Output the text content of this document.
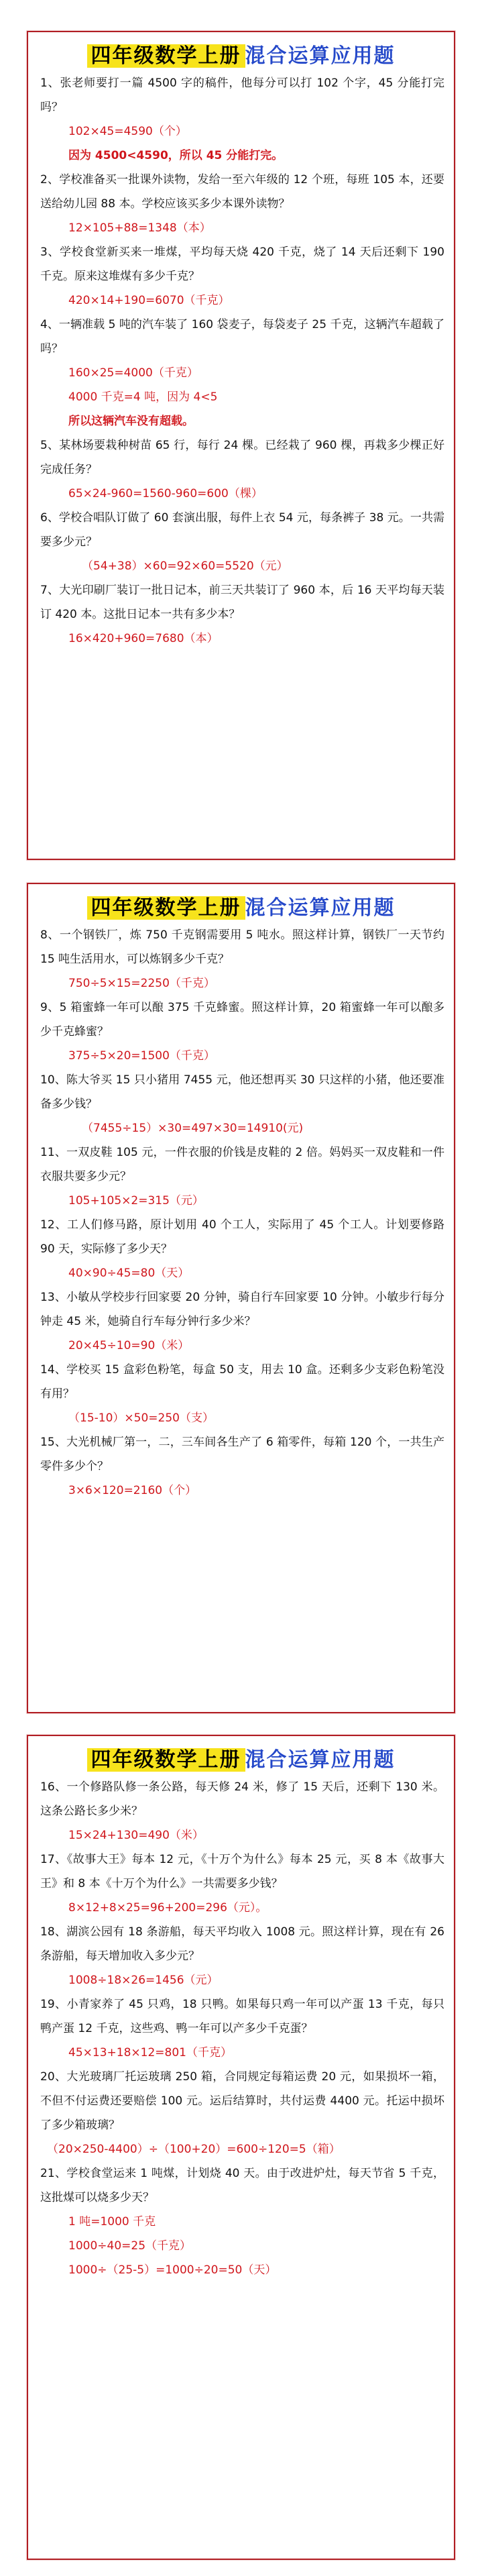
四年级数学上册 混合运算应用题
1、张老师要打一篇 4500 字的稿件，他每分可以打 102 个字，45 分能打完吗？
102×45=4590（个）
因为 4500<4590，所以 45 分能打完。
2、学校准备买一批课外读物，发给一至六年级的 12 个班，每班 105 本，还要送给幼儿园 88 本。学校应该买多少本课外读物？
12×105+88=1348（本）
3、学校食堂新买来一堆煤，平均每天烧 420 千克，烧了 14 天后还剩下 190 千克。原来这堆煤有多少千克？
420×14+190=6070（千克）
4、一辆准载 5 吨的汽车装了 160 袋麦子，每袋麦子 25 千克，这辆汽车超载了吗？
160×25=4000（千克）
4000 千克=4 吨，因为 4<5
所以这辆汽车没有超载。
5、某林场要栽种树苗 65 行，每行 24 棵。已经栽了 960 棵，再栽多少棵正好完成任务？
65×24-960=1560-960=600（棵）
6、学校合唱队订做了 60 套演出服，每件上衣 54 元，每条裤子 38 元。一共需要多少元？
（54+38）×60=92×60=5520（元）
7、大光印刷厂装订一批日记本，前三天共装订了 960 本，后 16 天平均每天装订 420 本。这批日记本一共有多少本？
16×420+960=7680（本）
四年级数学上册 混合运算应用题
8、一个钢铁厂，炼 750 千克钢需要用 5 吨水。照这样计算，钢铁厂一天节约 15 吨生活用水，可以炼钢多少千克？
750÷5×15=2250（千克）
9、5 箱蜜蜂一年可以酿 375 千克蜂蜜。照这样计算，20 箱蜜蜂一年可以酿多少千克蜂蜜？
375÷5×20=1500（千克）
10、陈大爷买 15 只小猪用 7455 元，他还想再买 30 只这样的小猪，他还要准备多少钱？
（7455÷15）×30=497×30=14910(元)
11、一双皮鞋 105 元，一件衣服的价钱是皮鞋的 2 倍。妈妈买一双皮鞋和一件衣服共要多少元？
105+105×2=315（元）
12、工人们修马路，原计划用 40 个工人，实际用了 45 个工人。计划要修路 90 天，实际修了多少天？
40×90÷45=80（天）
13、小敏从学校步行回家要 20 分钟，骑自行车回家要 10 分钟。小敏步行每分钟走 45 米，她骑自行车每分钟行多少米？
20×45÷10=90（米）
14、学校买 15 盒彩色粉笔，每盒 50 支，用去 10 盒。还剩多少支彩色粉笔没有用？
（15-10）×50=250（支）
15、大光机械厂第一，二，三车间各生产了 6 箱零件，每箱 120 个，一共生产零件多少个？
3×6×120=2160（个）
四年级数学上册 混合运算应用题
16、一个修路队修一条公路，每天修 24 米，修了 15 天后，还剩下 130 米。这条公路长多少米？
15×24+130=490（米）
17、《故事大王》每本 12 元，《十万个为什么》每本 25 元，买 8 本《故事大王》和 8 本《十万个为什么》一共需要多少钱？
8×12+8×25=96+200=296（元）。
18、湖滨公园有 18 条游船，每天平均收入 1008 元。照这样计算，现在有 26 条游船，每天增加收入多少元？
1008÷18×26=1456（元）
19、小青家养了 45 只鸡，18 只鸭。如果每只鸡一年可以产蛋 13 千克，每只鸭产蛋 12 千克，这些鸡、鸭一年可以产多少千克蛋？
45×13+18×12=801（千克）
20、大光玻璃厂托运玻璃 250 箱，合同规定每箱运费 20 元，如果损坏一箱，不但不付运费还要赔偿 100 元。运后结算时，共付运费 4400 元。托运中损坏了多少箱玻璃？
（20×250-4400）÷（100+20）=600÷120=5（箱）
21、学校食堂运来 1 吨煤，计划烧 40 天。由于改进炉灶，每天节省 5 千克，这批煤可以烧多少天？
1 吨=1000 千克
1000÷40=25（千克）
1000÷（25-5）=1000÷20=50（天）
